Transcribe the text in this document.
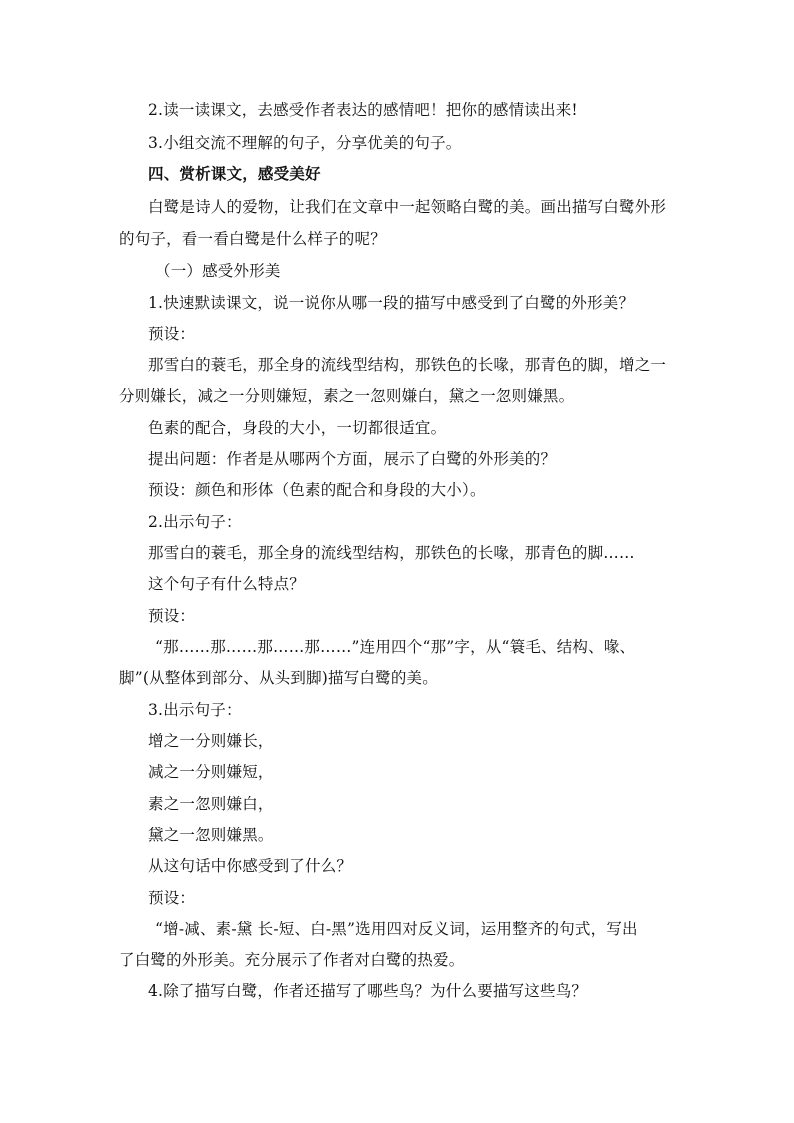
2.读一读课文，去感受作者表达的感情吧！把你的感情读出来!
3.小组交流不理解的句子，分享优美的句子。
四、赏析课文，感受美好
白鹭是诗人的爱物，让我们在文章中一起领略白鹭的美。画出描写白鹭外形
的句子，看一看白鹭是什么样子的呢？
（一）感受外形美
1.快速默读课文，说一说你从哪一段的描写中感受到了白鹭的外形美？
预设：
那雪白的蓑毛，那全身的流线型结构，那铁色的长喙，那青色的脚，增之一
分则嫌长，减之一分则嫌短，素之一忽则嫌白，黛之一忽则嫌黑。
色素的配合，身段的大小，一切都很适宜。
提出问题：作者是从哪两个方面，展示了白鹭的外形美的？
预设：颜色和形体（色素的配合和身段的大小）。
2.出示句子：
那雪白的蓑毛，那全身的流线型结构，那铁色的长喙，那青色的脚……
这个句子有什么特点？
预设：
“那……那……那……那……”连用四个“那”字，从“簑毛、结构、喙、
脚”(从整体到部分、从头到脚)描写白鹭的美。
3.出示句子：
增之一分则嫌长，
减之一分则嫌短，
素之一忽则嫌白，
黛之一忽则嫌黑。
从这句话中你感受到了什么？
预设：
“增-减、素-黛 长-短、白-黑”选用四对反义词，运用整齐的句式，写出
了白鹭的外形美。充分展示了作者对白鹭的热爱。
4.除了描写白鹭，作者还描写了哪些鸟？为什么要描写这些鸟？
